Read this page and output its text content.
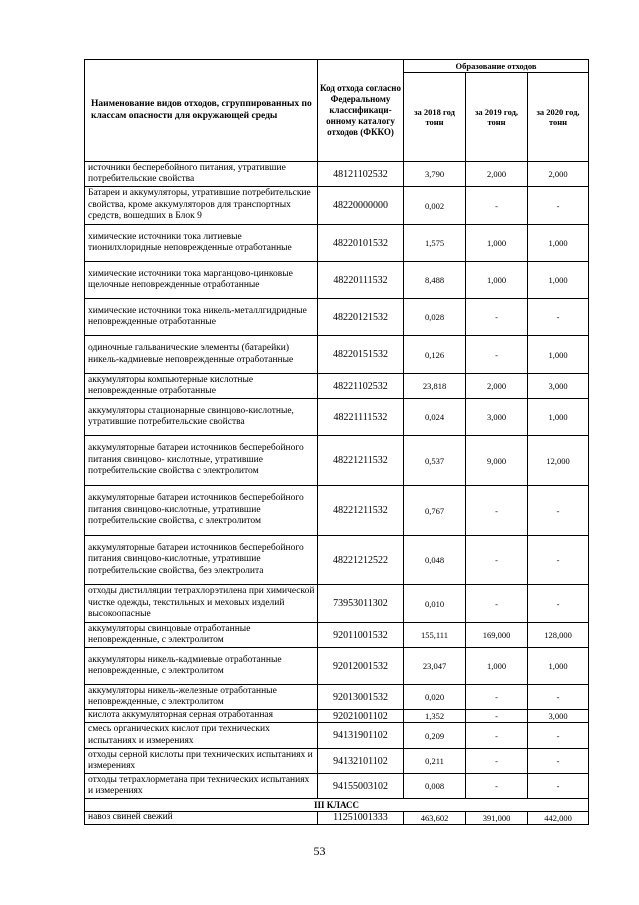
Наименование видов отходов, сгруппированных по классам опасности для окружающей среды	Код отхода согласно Федеральному классификаци-онному каталогу отходов (ФККО)	Образование отходов		
		за 2018 год тонн	за 2019 год, тонн	за 2020 год, тонн
источники бесперебойного питания, утратившие потребительские свойства	48121102532	3,790	2,000	2,000
Батареи и аккумуляторы, утратившие потребительские свойства, кроме аккумуляторов для транспортных средств, вошедших в Блок 9	48220000000	0,002	-	-
химические источники тока литиевые тионилхлоридные неповрежденные отработанные	48220101532	1,575	1,000	1,000
химические источники тока марганцово-цинковые щелочные неповрежденные отработанные	48220111532	8,488	1,000	1,000
химические источники тока никель-металлгидридные неповрежденные отработанные	48220121532	0,028	-	-
одиночные гальванические элементы (батарейки) никель-кадмиевые неповрежденные отработанные	48220151532	0,126	-	1,000
аккумуляторы компьютерные кислотные неповрежденные отработанные	48221102532	23,818	2,000	3,000
аккумуляторы стационарные свинцово-кислотные, утратившие потребительские свойства	48221111532	0,024	3,000	1,000
аккумуляторные батареи источников бесперебойного питания свинцово- кислотные, утратившие потребительские свойства с электролитом	48221211532	0,537	9,000	12,000
аккумуляторные батареи источников бесперебойного питания свинцово-кислотные, утратившие потребительские свойства, с электролитом	48221211532	0,767	-	-
аккумуляторные батареи источников бесперебойного питания свинцово-кислотные, утратившие потребительские свойства, без электролита	48221212522	0,048	-	-
отходы дистилляции тетрахлорэтилена при химической чистке одежды, текстильных и меховых изделий высокоопасные	73953011302	0,010	-	-
аккумуляторы свинцовые отработанные неповрежденные, с электролитом	92011001532	155,111	169,000	128,000
аккумуляторы никель-кадмиевые отработанные неповрежденные, с электролитом	92012001532	23,047	1,000	1,000
аккумуляторы никель-железные отработанные неповрежденные, с электролитом	92013001532	0,020	-	-
кислота аккумуляторная серная отработанная	92021001102	1,352	-	3,000
смесь органических кислот при технических испытаниях и измерениях	94131901102	0,209	-	-
отходы серной кислоты при технических испытаниях и измерениях	94132101102	0,211	-	-
отходы тетрахлорметана при технических испытаниях и измерениях	94155003102	0,008	-	-
III КЛАСС				
навоз свиней свежий	11251001333	463,602	391,000	442,000
53
